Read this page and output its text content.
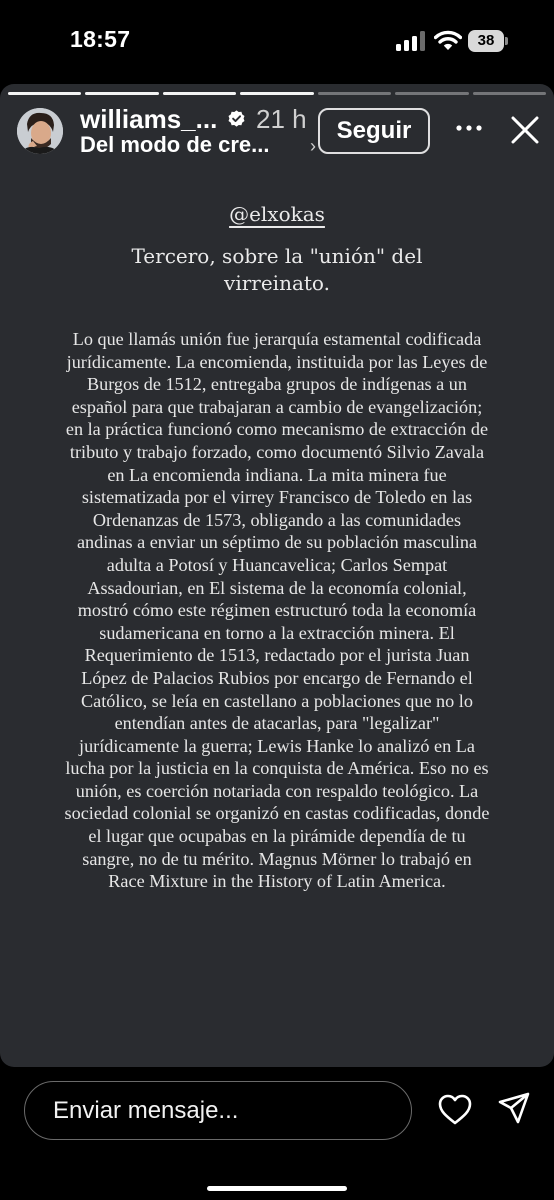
18:57	38
williams_... 21 h
Del modo de cre... ›
Seguir
@elxokas
Tercero, sobre la "unión" del virreinato.
Lo que llamás unión fue jerarquía estamental codificada jurídicamente. La encomienda, instituida por las Leyes de Burgos de 1512, entregaba grupos de indígenas a un español para que trabajaran a cambio de evangelización; en la práctica funcionó como mecanismo de extracción de tributo y trabajo forzado, como documentó Silvio Zavala en La encomienda indiana. La mita minera fue sistematizada por el virrey Francisco de Toledo en las Ordenanzas de 1573, obligando a las comunidades andinas a enviar un séptimo de su población masculina adulta a Potosí y Huancavelica; Carlos Sempat Assadourian, en El sistema de la economía colonial, mostró cómo este régimen estructuró toda la economía sudamericana en torno a la extracción minera. El Requerimiento de 1513, redactado por el jurista Juan López de Palacios Rubios por encargo de Fernando el Católico, se leía en castellano a poblaciones que no lo entendían antes de atacarlas, para "legalizar" jurídicamente la guerra; Lewis Hanke lo analizó en La lucha por la justicia en la conquista de América. Eso no es unión, es coerción notariada con respaldo teológico. La sociedad colonial se organizó en castas codificadas, donde el lugar que ocupabas en la pirámide dependía de tu sangre, no de tu mérito. Magnus Mörner lo trabajó en Race Mixture in the History of Latin America.
Enviar mensaje...
